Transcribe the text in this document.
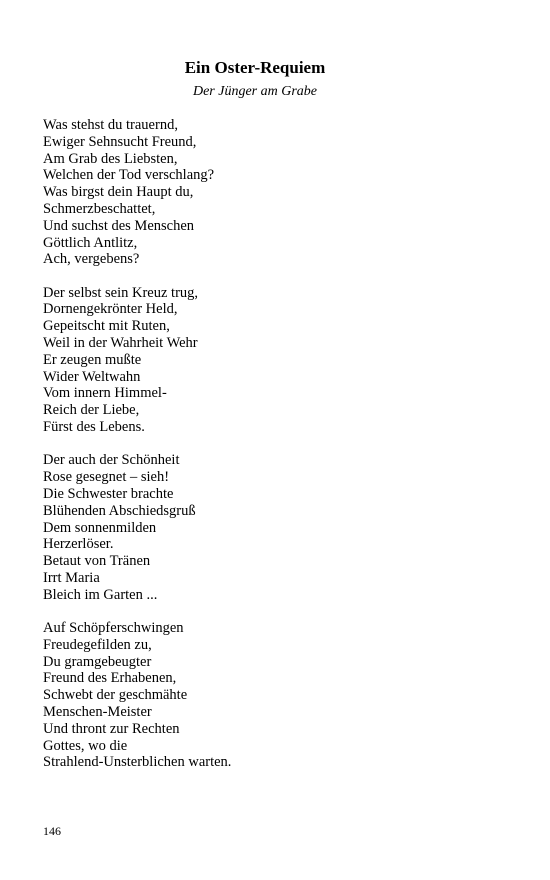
Ein Oster-Requiem

Der Jünger am Grabe

Was stehst du trauernd,
Ewiger Sehnsucht Freund,
Am Grab des Liebsten,
Welchen der Tod verschlang?
Was birgst dein Haupt du,
Schmerzbeschattet,
Und suchst des Menschen
Göttlich Antlitz,
Ach, vergebens?
Der selbst sein Kreuz trug,
Dornengekrönter Held,
Gepeitscht mit Ruten,
Weil in der Wahrheit Wehr
Er zeugen mußte
Wider Weltwahn
Vom innern Himmel-
Reich der Liebe,
Fürst des Lebens.
Der auch der Schönheit
Rose gesegnet – sieh!
Die Schwester brachte
Blühenden Abschiedsgruß
Dem sonnenmilden
Herzerlöser.
Betaut von Tränen
Irrt Maria
Bleich im Garten ...
Auf Schöpferschwingen
Freudegefilden zu,
Du gramgebeugter
Freund des Erhabenen,
Schwebt der geschmähte
Menschen-Meister
Und thront zur Rechten
Gottes, wo die
Strahlend-Unsterblichen warten.
146
